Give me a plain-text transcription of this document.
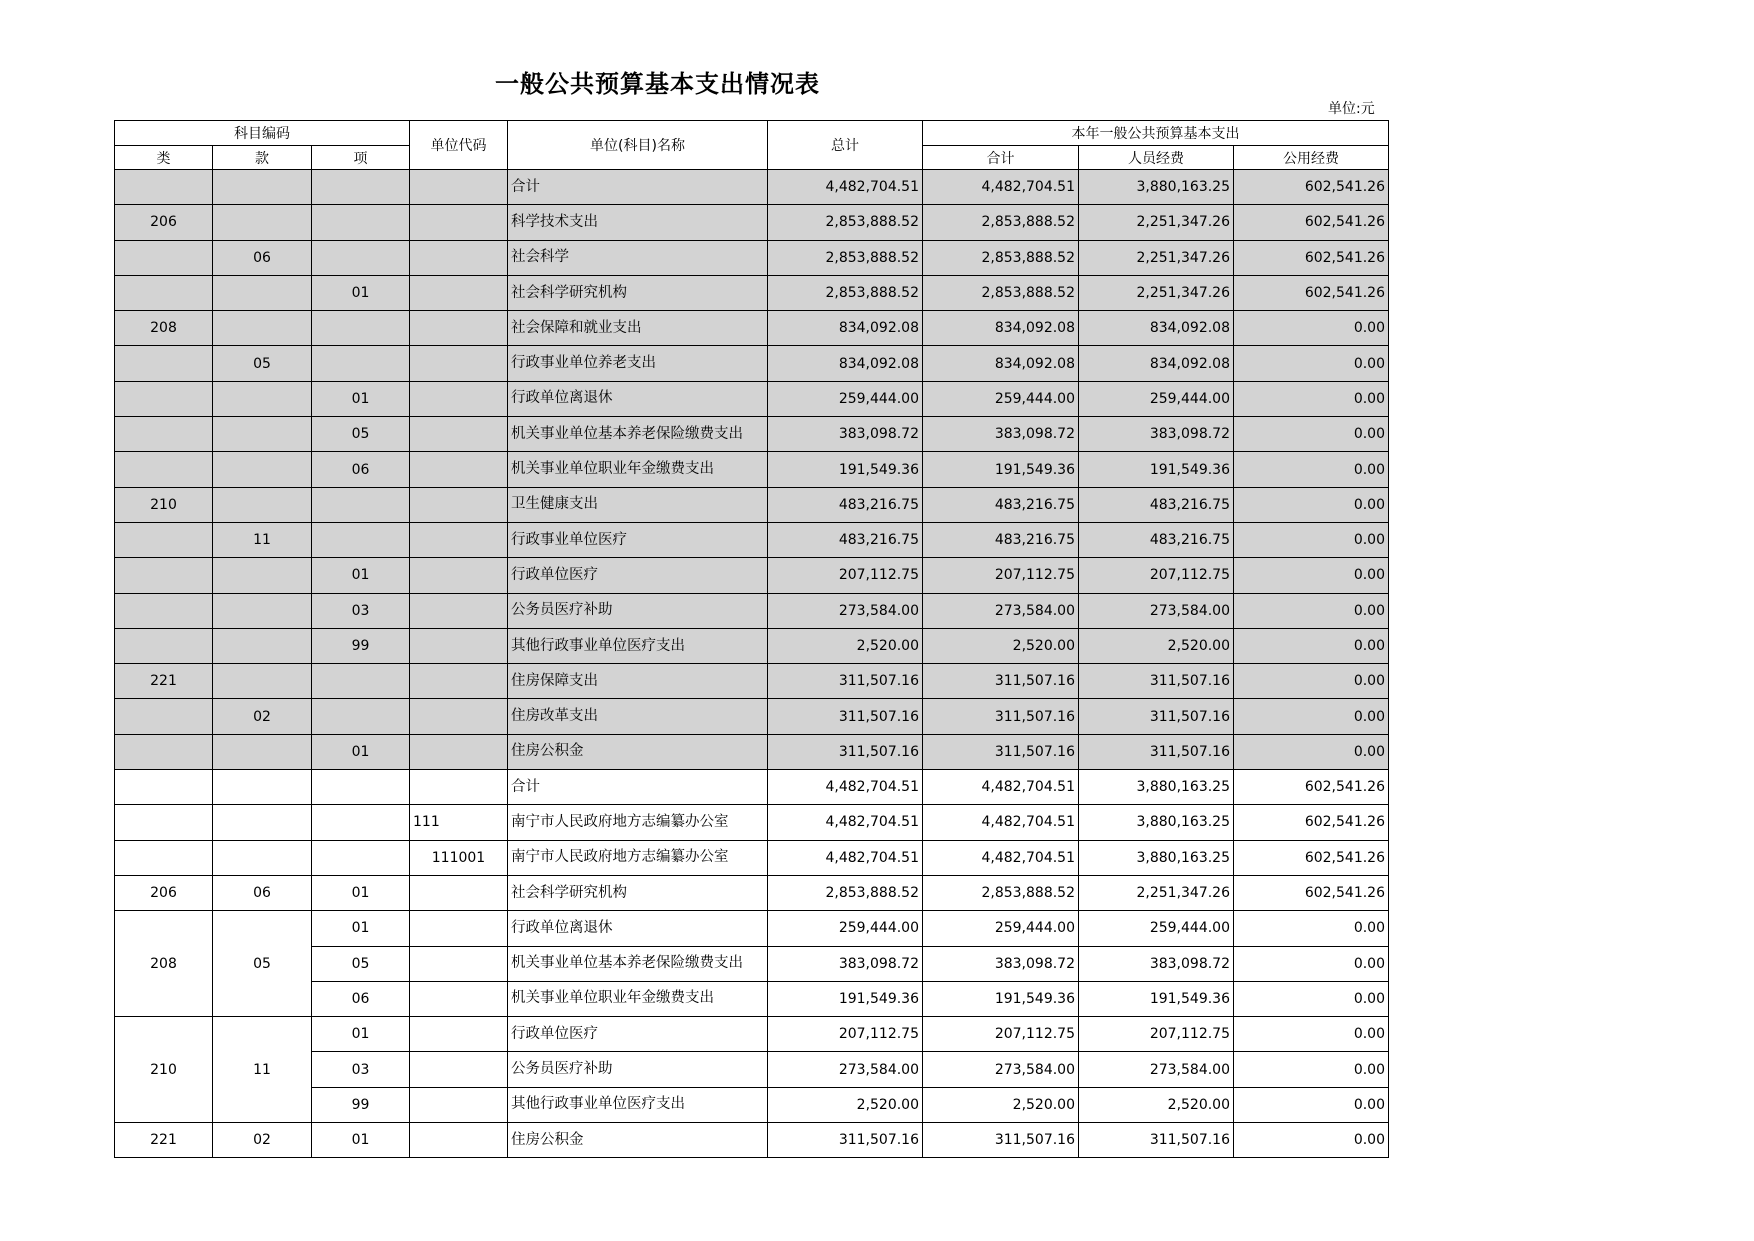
一般公共预算基本支出情况表
单位:元
科目编码			单位代码	单位(科目)名称	总计	本年一般公共预算基本支出		
类	款	项				合计	人员经费	公用经费
				合计	4,482,704.51	4,482,704.51	3,880,163.25	602,541.26
206				科学技术支出	2,853,888.52	2,853,888.52	2,251,347.26	602,541.26
	06			社会科学	2,853,888.52	2,853,888.52	2,251,347.26	602,541.26
		01		社会科学研究机构	2,853,888.52	2,853,888.52	2,251,347.26	602,541.26
208				社会保障和就业支出	834,092.08	834,092.08	834,092.08	0.00
	05			行政事业单位养老支出	834,092.08	834,092.08	834,092.08	0.00
		01		行政单位离退休	259,444.00	259,444.00	259,444.00	0.00
		05		机关事业单位基本养老保险缴费支出	383,098.72	383,098.72	383,098.72	0.00
		06		机关事业单位职业年金缴费支出	191,549.36	191,549.36	191,549.36	0.00
210				卫生健康支出	483,216.75	483,216.75	483,216.75	0.00
	11			行政事业单位医疗	483,216.75	483,216.75	483,216.75	0.00
		01		行政单位医疗	207,112.75	207,112.75	207,112.75	0.00
		03		公务员医疗补助	273,584.00	273,584.00	273,584.00	0.00
		99		其他行政事业单位医疗支出	2,520.00	2,520.00	2,520.00	0.00
221				住房保障支出	311,507.16	311,507.16	311,507.16	0.00
	02			住房改革支出	311,507.16	311,507.16	311,507.16	0.00
		01		住房公积金	311,507.16	311,507.16	311,507.16	0.00
				合计	4,482,704.51	4,482,704.51	3,880,163.25	602,541.26
			111	南宁市人民政府地方志编纂办公室	4,482,704.51	4,482,704.51	3,880,163.25	602,541.26
			111001	南宁市人民政府地方志编纂办公室	4,482,704.51	4,482,704.51	3,880,163.25	602,541.26
206	06	01		社会科学研究机构	2,853,888.52	2,853,888.52	2,251,347.26	602,541.26
208	05	01		行政单位离退休	259,444.00	259,444.00	259,444.00	0.00
		05		机关事业单位基本养老保险缴费支出	383,098.72	383,098.72	383,098.72	0.00
		06		机关事业单位职业年金缴费支出	191,549.36	191,549.36	191,549.36	0.00
210	11	01		行政单位医疗	207,112.75	207,112.75	207,112.75	0.00
		03		公务员医疗补助	273,584.00	273,584.00	273,584.00	0.00
		99		其他行政事业单位医疗支出	2,520.00	2,520.00	2,520.00	0.00
221	02	01		住房公积金	311,507.16	311,507.16	311,507.16	0.00
